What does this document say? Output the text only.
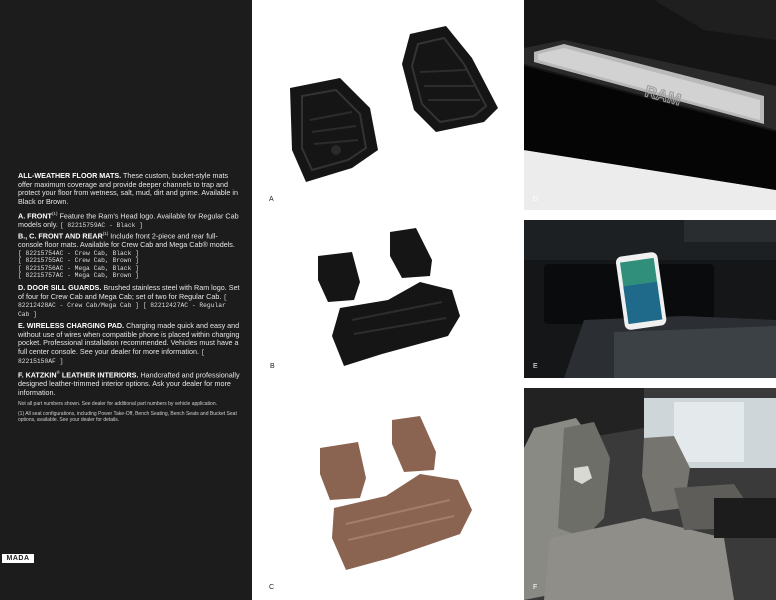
ALL-WEATHER FLOOR MATS. These custom, bucket-style mats offer maximum coverage and provide deeper channels to trap and protect your floor from wetness, salt, mud, dirt and grime. Available in Black or Brown.

A. FRONT$^{(1)}$ Feature the Ram’s Head logo. Available for Regular Cab models only. [ 82215759AC - Black ]

B., C. FRONT AND REAR$^{(1)}$ Include front 2-piece and rear full-console floor mats. Available for Crew Cab and Mega Cab® models.
[ 82215754AC - Crew Cab, Black ]
[ 82215755AC - Crew Cab, Brown ]
[ 82215756AC - Mega Cab, Black ]
[ 82215757AC - Mega Cab, Brown ]

D. DOOR SILL GUARDS. Brushed stainless steel with Ram logo. Set of four for Crew Cab and Mega Cab; set of two for Regular Cab. [ 82212428AC - Crew Cab/Mega Cab ] [ 82212427AC - Regular Cab ]

E. WIRELESS CHARGING PAD. Charging made quick and easy and without use of wires when compatible phone is placed within charging pocket. Professional installation recommended. Vehicles must have a full center console. See your dealer for more information. [ 82215150AF ]

F. KATZKIN® LEATHER INTERIORS. Handcrafted and professionally designed leather-trimmed interior options. Ask your dealer for more information.

Not all part numbers shown. See dealer for additional part numbers by vehicle application.

(1) All seat configurations, including Power Take-Off, Bench Seating, Bench Seats and Bucket Seat options, available. See your dealer for details.

MADA
A
RAM
D
B	E
C	F
